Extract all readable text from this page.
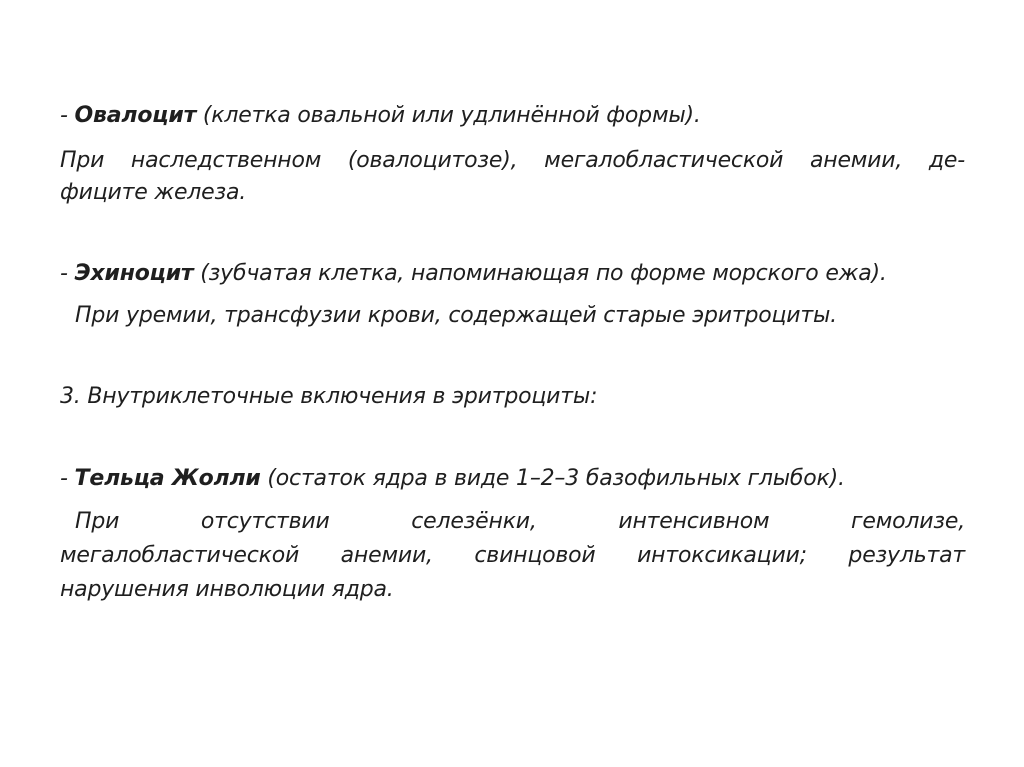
- Овалоцит (клетка овальной или удлинённой формы).
При наследственном (овалоцитозе), мегалобластической анемии, де-
фиците железа.
- Эхиноцит (зубчатая клетка, напоминающая по форме морского ежа).
При уремии, трансфузии крови, содержащей старые эритроциты.
3. Внутриклеточные включения в эритроциты:
- Тельца Жолли (остаток ядра в виде 1–2–3 базофильных глыбок).
При отсутствии селезёнки, интенсивном гемолизе,
мегалобластической анемии, свинцовой интоксикации; результат
нарушения инволюции ядра.
